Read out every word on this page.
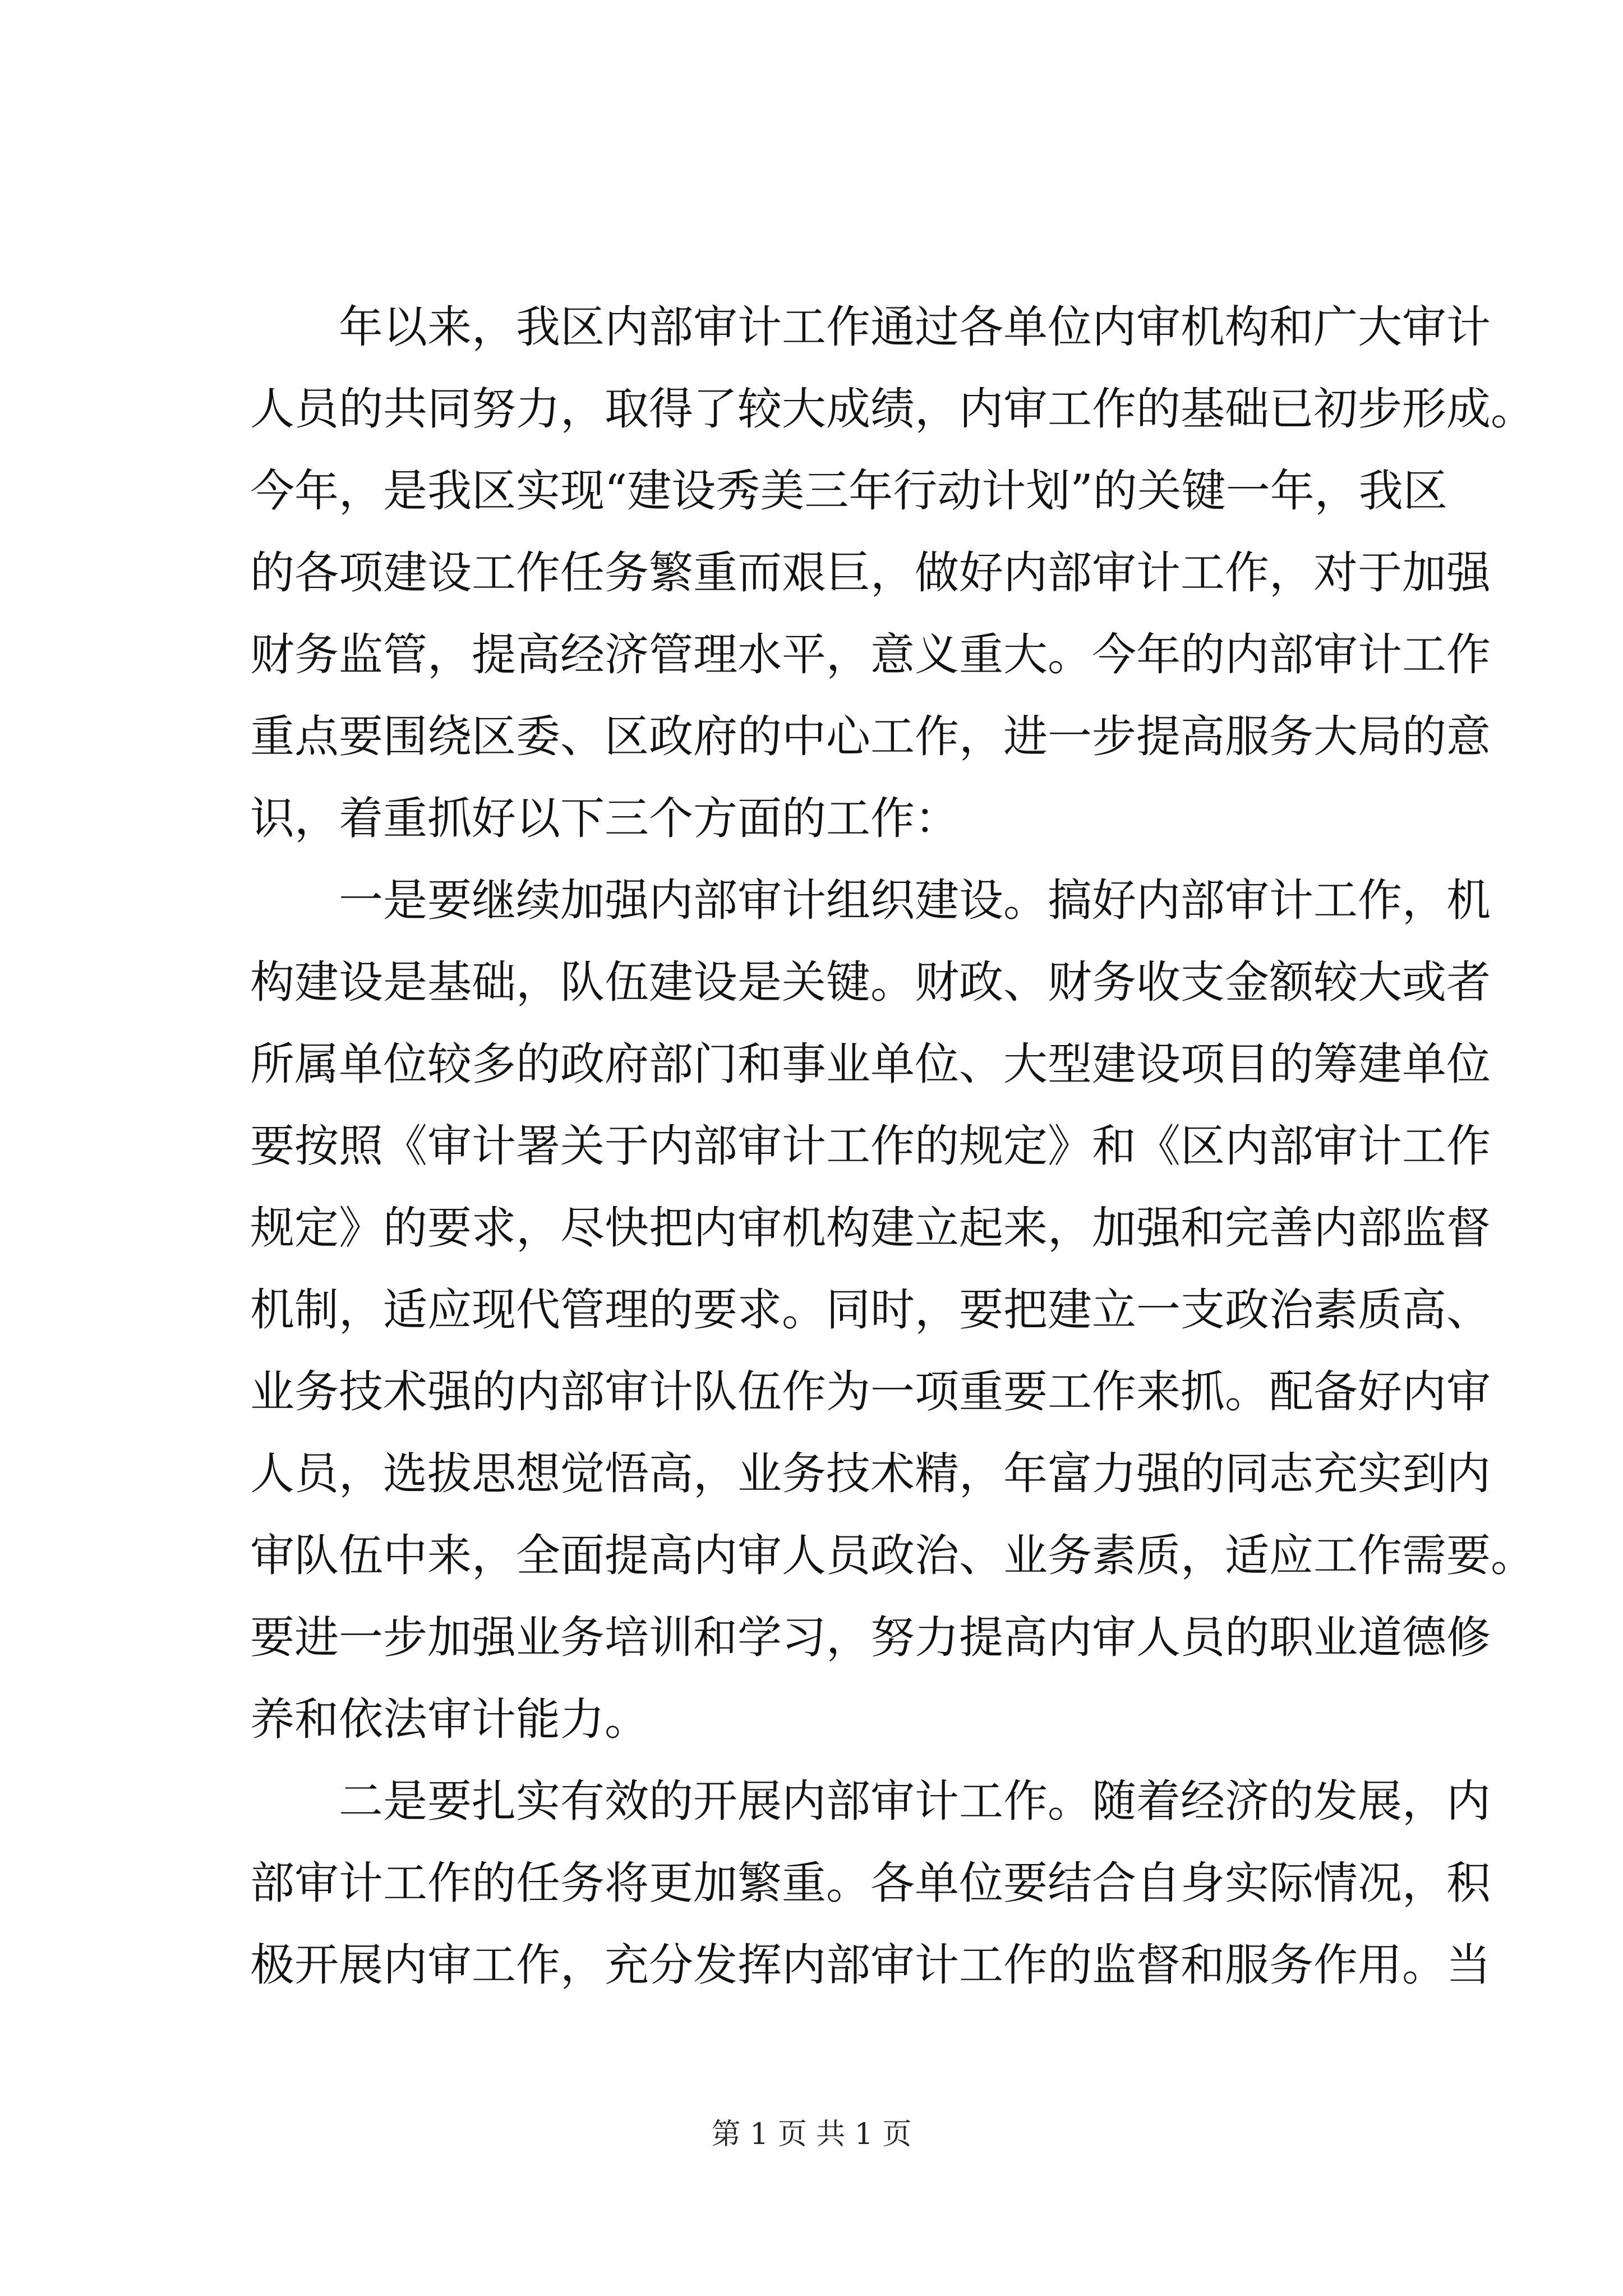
年以来，我区内部审计工作通过各单位内审机构和广大审计
人员的共同努力，取得了较大成绩，内审工作的基础已初步形成。
今年，是我区实现“建设秀美三年行动计划”的关键一年，我区
的各项建设工作任务繁重而艰巨，做好内部审计工作，对于加强
财务监管，提高经济管理水平，意义重大。今年的内部审计工作
重点要围绕区委、区政府的中心工作，进一步提高服务大局的意
识，着重抓好以下三个方面的工作：
一是要继续加强内部审计组织建设。搞好内部审计工作，机
构建设是基础，队伍建设是关键。财政、财务收支金额较大或者
所属单位较多的政府部门和事业单位、大型建设项目的筹建单位
要按照《审计署关于内部审计工作的规定》和《区内部审计工作
规定》的要求，尽快把内审机构建立起来，加强和完善内部监督
机制，适应现代管理的要求。同时，要把建立一支政治素质高、
业务技术强的内部审计队伍作为一项重要工作来抓。配备好内审
人员，选拔思想觉悟高，业务技术精，年富力强的同志充实到内
审队伍中来，全面提高内审人员政治、业务素质，适应工作需要。
要进一步加强业务培训和学习，努力提高内审人员的职业道德修
养和依法审计能力。
二是要扎实有效的开展内部审计工作。随着经济的发展，内
部审计工作的任务将更加繁重。各单位要结合自身实际情况，积
极开展内审工作，充分发挥内部审计工作的监督和服务作用。当
第 1 页 共 1 页
